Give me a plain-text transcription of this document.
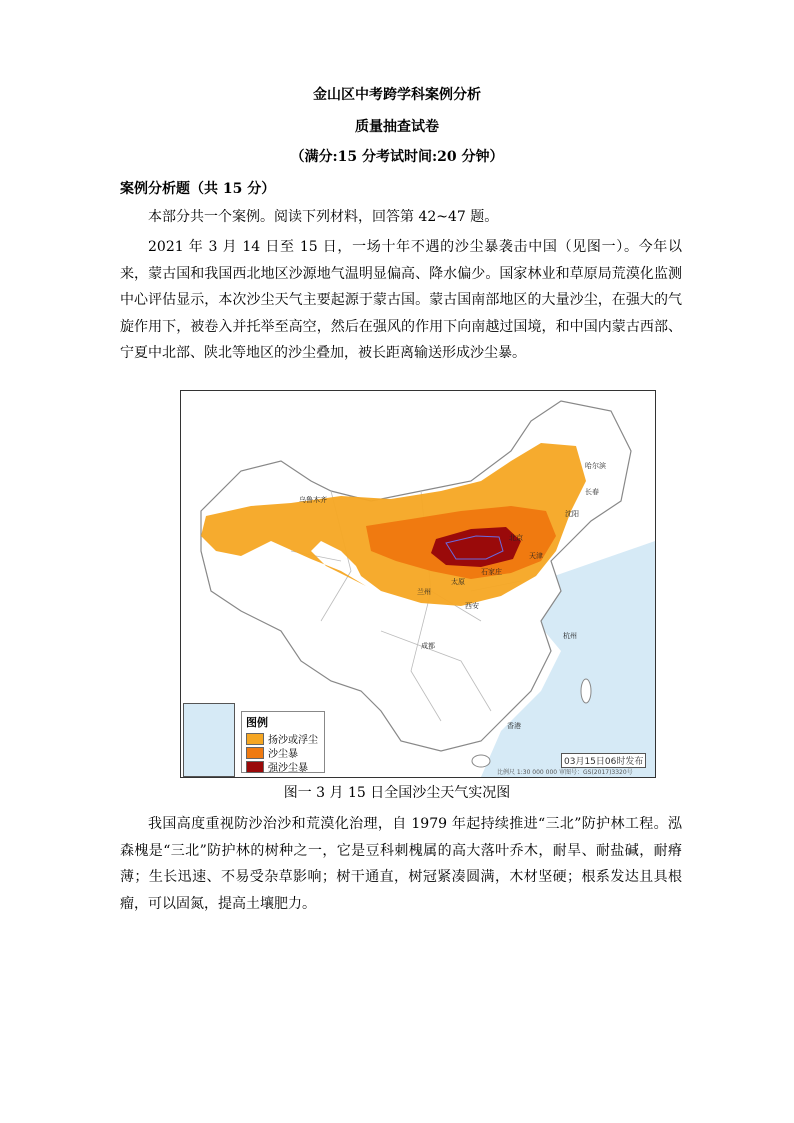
金山区中考跨学科案例分析
质量抽查试卷
（满分:15 分考试时间:20 分钟）
案例分析题（共 15 分）
本部分共一个案例。阅读下列材料，回答第 42~47 题。
2021 年 3 月 14 日至 15 日，一场十年不遇的沙尘暴袭击中国（见图一）。今年以来，蒙古国和我国西北地区沙源地气温明显偏高、降水偏少。国家林业和草原局荒漠化监测中心评估显示，本次沙尘天气主要起源于蒙古国。蒙古国南部地区的大量沙尘，在强大的气旋作用下，被卷入并托举至高空，然后在强风的作用下向南越过国境，和中国内蒙古西部、宁夏中北部、陕北等地区的沙尘叠加，被长距离输送形成沙尘暴。
乌鲁木齐
北京
天津
石家庄
太原
兰州
西安
成都
哈尔滨
长春
沈阳
杭州
香港
图例
扬沙或浮尘
沙尘暴
强沙尘暴
03月15日06时发布
比例尺 1:30 000 000 审图号：GS(2017)3320号
图一 3 月 15 日全国沙尘天气实况图
我国高度重视防沙治沙和荒漠化治理，自 1979 年起持续推进“三北”防护林工程。泓森槐是“三北”防护林的树种之一，它是豆科刺槐属的高大落叶乔木，耐旱、耐盐碱，耐瘠薄；生长迅速、不易受杂草影响；树干通直，树冠紧凑圆满，木材坚硬；根系发达且具根瘤，可以固氮，提高土壤肥力。
